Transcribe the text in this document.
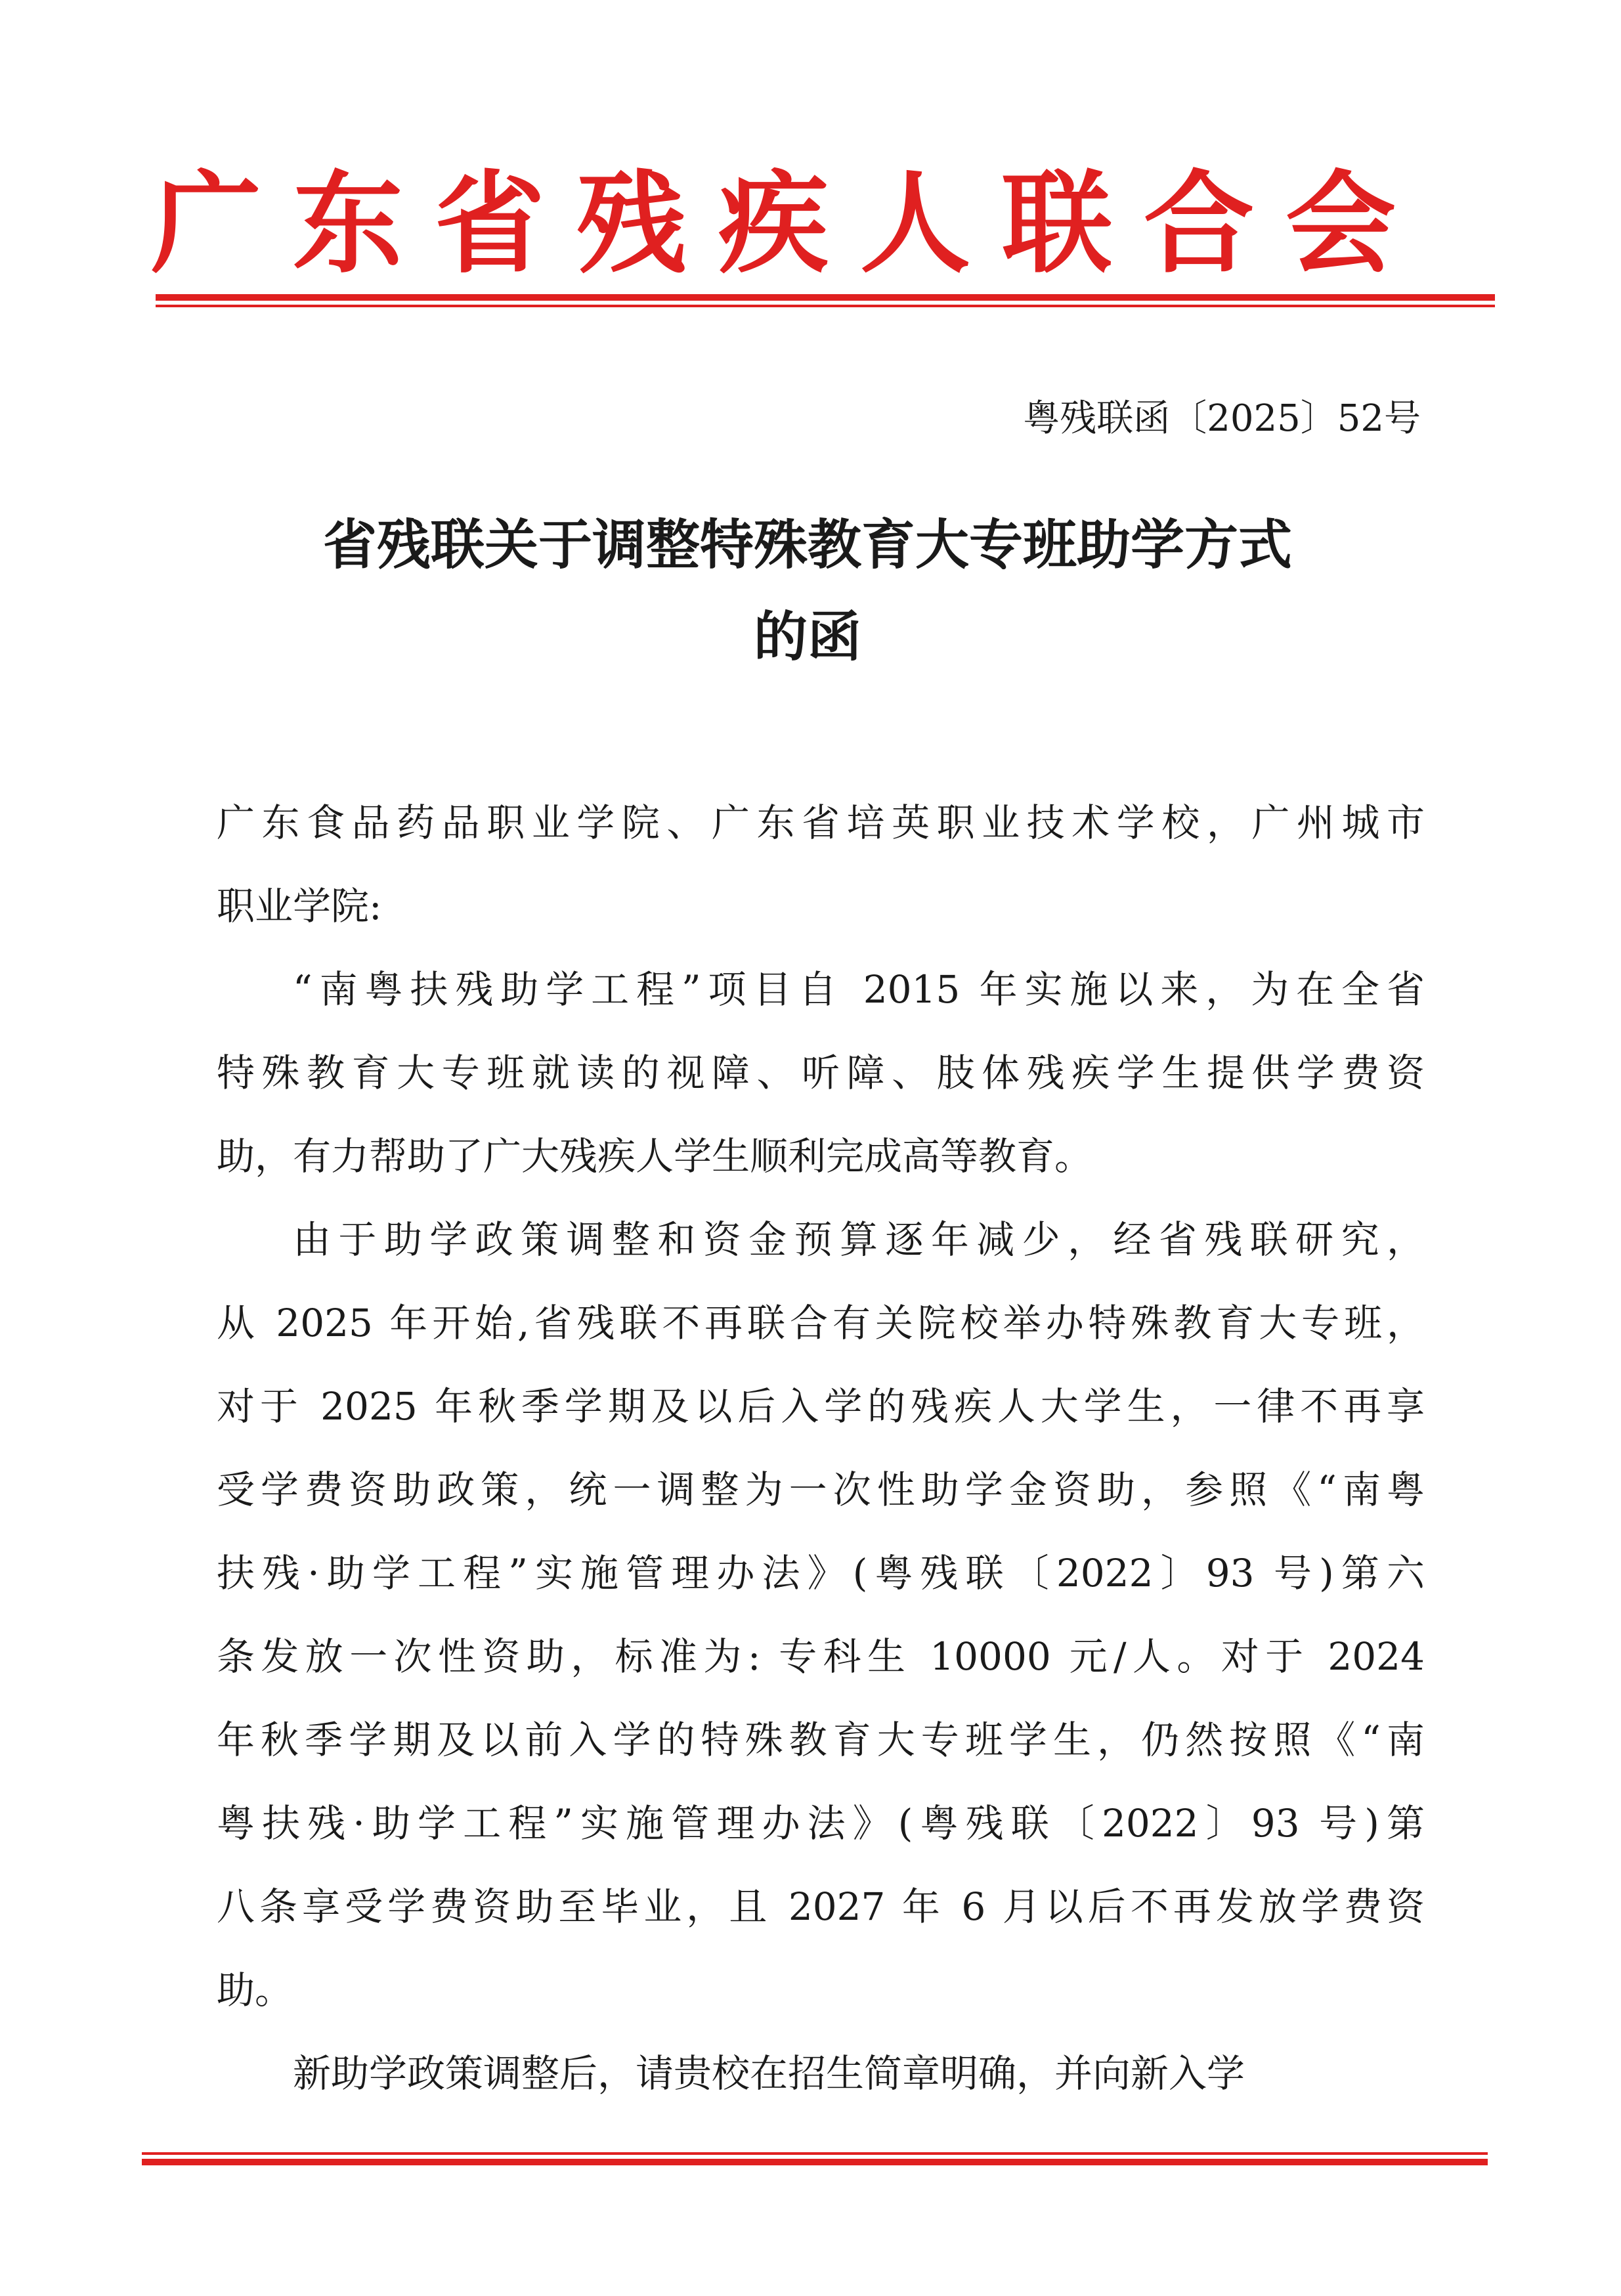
广东省残疾人联合会
粤残联函〔2025〕52号
省残联关于调整特殊教育大专班助学方式
的函
广东食品药品职业学院、广东省培英职业技术学校，广州城市
职业学院:
“南粤扶残助学工程”项目自 2015 年实施以来，为在全省
特殊教育大专班就读的视障、听障、肢体残疾学生提供学费资
助，有力帮助了广大残疾人学生顺利完成高等教育。
由于助学政策调整和资金预算逐年减少，经省残联研究，
从 2025 年开始,省残联不再联合有关院校举办特殊教育大专班，
对于 2025 年秋季学期及以后入学的残疾人大学生，一律不再享
受学费资助政策，统一调整为一次性助学金资助，参照《“南粤
扶残·助学工程”实施管理办法》(粤残联〔2022〕93 号)第六
条发放一次性资助，标准为: 专科生 10000 元/人。对于 2024
年秋季学期及以前入学的特殊教育大专班学生，仍然按照《“南
粤扶残·助学工程”实施管理办法》(粤残联〔2022〕93 号)第
八条享受学费资助至毕业，且 2027 年 6 月以后不再发放学费资
助。
新助学政策调整后，请贵校在招生简章明确，并向新入学
